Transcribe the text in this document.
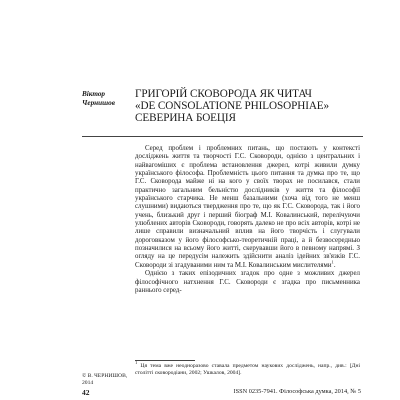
Віктор
Чернишов
ГРИГОРІЙ СКОВОРОДА ЯК ЧИТАЧ
«DE CONSOLATIONE PHILOSOPHIAE»
СЕВЕРИНА БОЕЦІЯ

Серед проблем і проблемних питань, що постають у контексті досліджень життя та творчості Г.С. Сковороди, однією з центральних і найвагоміших є проблема встановлення джерел, котрі живили думку українського філософа. Проблемність цього питання та думка про те, що Г.С. Сковорода майже ні на кого у своїх творах не посилався, стали практично загальним бельністю дослідників у життя та філософії українського старчика. Не менш базальними (хоча від того не менш слушними) видаються твердження про те, що як Г.С. Сковорода, так і його учень, близький друг і перший біограф М.І. Ковалинський, перелічуючи улюблених авторів Сковороди, говорять далеко не про всіх авторів, котрі не лише справили визначальний вплив на його творчість і слугували дороговказом у його філософсько-теоретичній праці, а й безвосереднью позначилися на всьому його житті, скерувавши його в певному напрямі. З огляду на це передусім належить здійснити аналіз ідейних зв'язків Г.С. Сковороди зі згадуваними ним та М.І. Ковалинським мислителями$^1$.

Однією з таких епізодичних згадок про одне з можливих джерел філософічного натхнення Г.С. Сковороди є згадка про письменника раннього серед-

$^1$ Ця тема вже неодноразово ставала предметом наукових досліджень, напр., див.: [Дні столітті сковородіани, 2002; Ушкалов, 2004].
© В. ЧЕРНИШОВ,
2014
42	ISSN 0235-7941. Філософська думка, 2014, № 5
